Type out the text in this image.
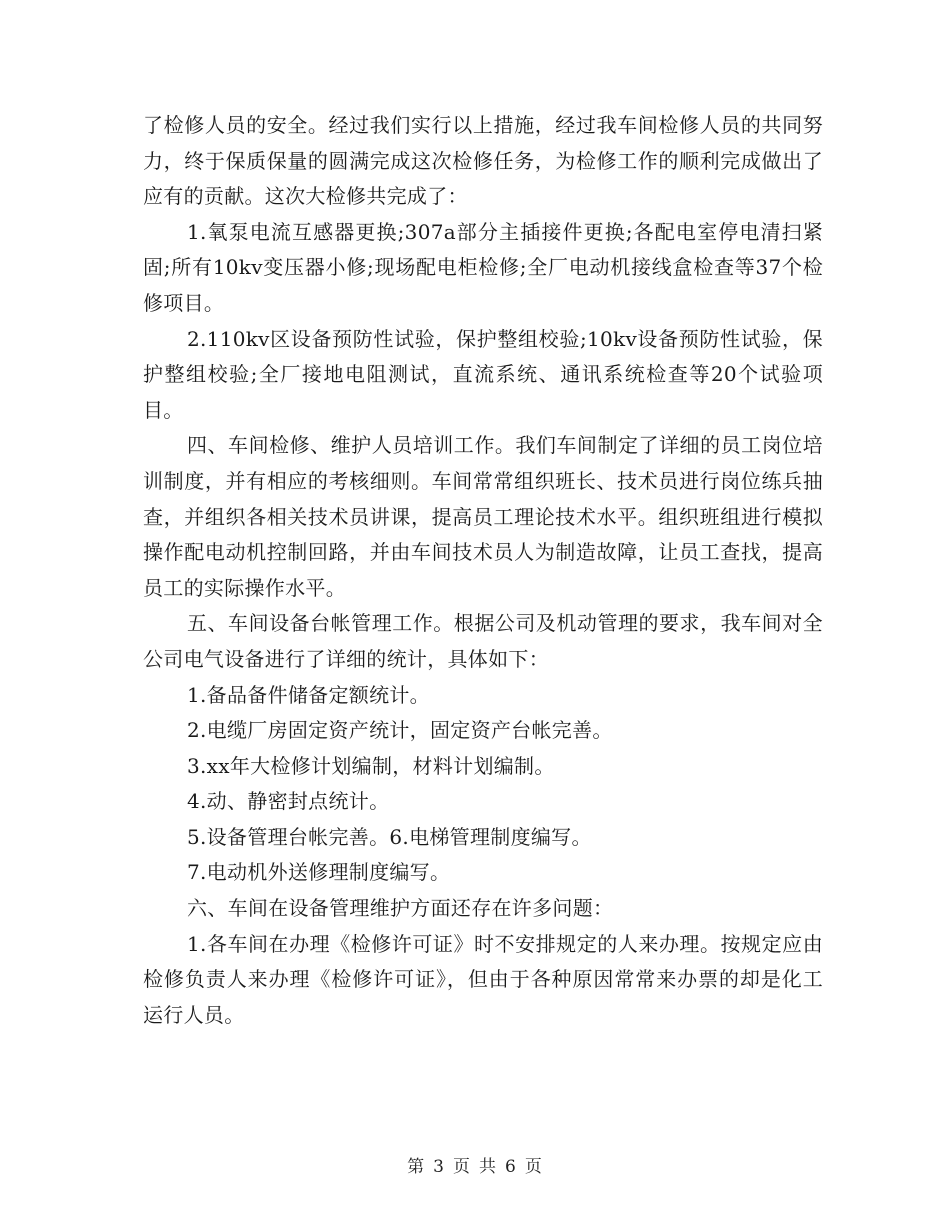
了检修人员的安全。经过我们实行以上措施，经过我车间检修人员的共同努力，终于保质保量的圆满完成这次检修任务，为检修工作的顺利完成做出了应有的贡献。这次大检修共完成了：

1.氧泵电流互感器更换;307a部分主插接件更换;各配电室停电清扫紧固;所有10kv变压器小修;现场配电柜检修;全厂电动机接线盒检查等37个检修项目。

2.110kv区设备预防性试验，保护整组校验;10kv设备预防性试验，保护整组校验;全厂接地电阻测试，直流系统、通讯系统检查等20个试验项目。

四、车间检修、维护人员培训工作。我们车间制定了详细的员工岗位培训制度，并有相应的考核细则。车间常常组织班长、技术员进行岗位练兵抽查，并组织各相关技术员讲课，提高员工理论技术水平。组织班组进行模拟操作配电动机控制回路，并由车间技术员人为制造故障，让员工查找，提高员工的实际操作水平。

五、车间设备台帐管理工作。根据公司及机动管理的要求，我车间对全公司电气设备进行了详细的统计，具体如下：

1.备品备件储备定额统计。

2.电缆厂房固定资产统计，固定资产台帐完善。

3.xx年大检修计划编制，材料计划编制。

4.动、静密封点统计。

5.设备管理台帐完善。6.电梯管理制度编写。

7.电动机外送修理制度编写。

六、车间在设备管理维护方面还存在许多问题：

1.各车间在办理《检修许可证》时不安排规定的人来办理。按规定应由检修负责人来办理《检修许可证》，但由于各种原因常常来办票的却是化工运行人员。

第 3 页 共 6 页
